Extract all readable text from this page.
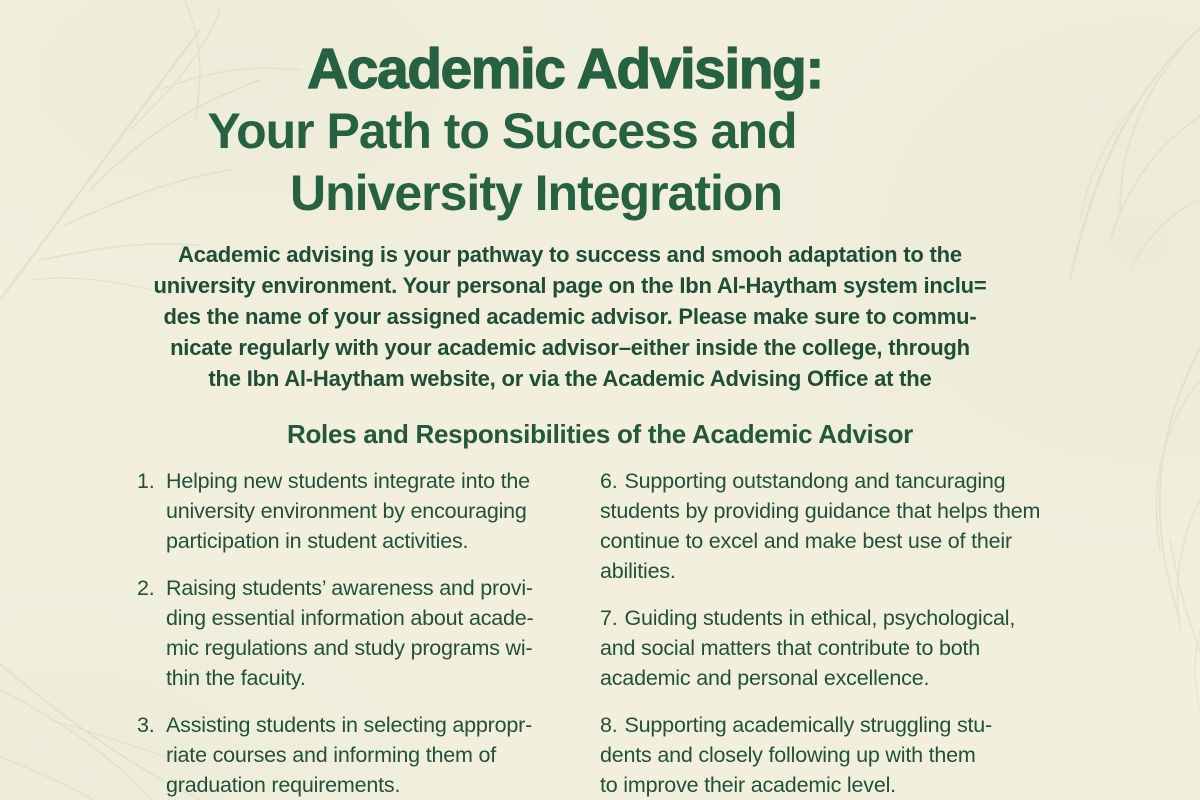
Academic Advising:
Your Path to Success and
University Integration
Academic advising is your pathway to success and smooh adaptation to the
university environment. Your personal page on the Ibn Al-Haytham system inclu=
des the name of your assigned academic advisor. Please make sure to commu-
nicate regularly with your academic advisor–either inside the college, through
the Ibn Al-Haytham website, or via the Academic Advising Office at the
Roles and Responsibilities of the Academic Advisor
1. Helping new students integrate into the
university environment by encouraging
participation in student activities.
2. Raising students’ awareness and provi-
ding essential information about acade-
mic regulations and study programs wi-
thin the facuity.
3. Assisting students in selecting appropr-
riate courses and informing them of
graduation requirements.
6. Supporting outstandong and tancuraging
students by providing guidance that helps them
continue to excel and make best use of their
abilities.
7. Guiding students in ethical, psychological,
and social matters that contribute to both
academic and personal excellence.
8. Supporting academically struggling stu-
dents and closely following up with them
to improve their academic level.
